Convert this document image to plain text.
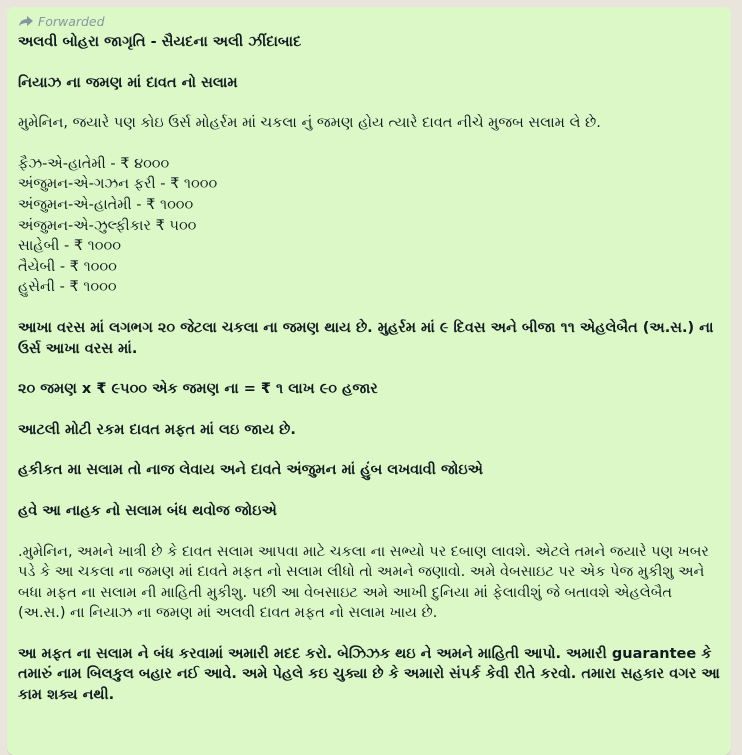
Forwarded

અલવી બોહરા જાગૃતિ - સૈયદના અલી ઝીંદાબાદ

નિયાઝ ના જમણ માં દાવત નો સલામ

મુમેનિન, જયારે પણ કોઇ ઉર્સ મોહર્રમ માં ચકલા નું જમણ હોય ત્યારે દાવત નીચે મુજબ સલામ લે છે.

ફૈઝ-એ-હાતેમી - ₹ ૪૦૦૦
અંજુમન-એ-ગઝન ફરી - ₹ ૧૦૦૦
અંજુમન-એ-હાતેમી - ₹ ૧૦૦૦
અંજુમન-એ-ઝુલ્ફીકાર ₹ ૫૦૦
સાહેબી - ₹ ૧૦૦૦
તૈયેબી - ₹ ૧૦૦૦
હુસેની - ₹ ૧૦૦૦

આખા વરસ માં લગભગ ૨૦ જેટલા ચકલા ના જમણ થાય છે. મુહર્રમ માં ૯ દિવસ અને બીજા ૧૧ એહલેબૈત (અ.સ.) ના ઉર્સ આખા વરસ માં.

૨૦ જમણ x ₹ ૯૫૦૦ એક જમણ ના = ₹ ૧ લાખ ૯૦ હજાર

આટલી મોટી રકમ દાવત મફત માં લઇ જાય છે.

હકીકત મા સલામ તો નાજ લેવાય અને દાવતે અંજુમન માં હુંબ લખવાવી જોઇએ

હવે આ નાહક નો સલામ બંધ થવોજ જોઇએ

.મુમેનિન, અમને ખાત્રી છે કે દાવત સલામ આપવા માટે ચકલા ના સભ્યો પર દબાણ લાવશે. એટલે તમને જયારે પણ ખબર પડે કે આ ચકલા ના જમણ માં દાવતે મફત નો સલામ લીધો તો અમને જણાવો. અમે વેબસાઇટ પર એક પેજ મુકીશુ અને બધા મફત ના સલામ ની માહિતી મુકીશુ. પછી આ વેબસાઇટ અમે આખી દુનિયા માં ફેલાવીશું જે બતાવશે એહલેબૈત (અ.સ.) ના નિયાઝ ના જમણ માં અલવી દાવત મફત નો સલામ ખાય છે.

આ મફત ના સલામ ને બંધ કરવામાં અમારી મદદ કરો. બેઝિઝક થઇ ને અમને માહિતી આપો. અમારી guarantee કે તમારું નામ બિલકુલ બહાર નઈ આવે. અમે પેહલે કઇ ચુક્યા છે કે અમારો સંપર્ક કેવી રીતે કરવો. તમારા સહકાર વગર આ કામ શક્ય નથી.
